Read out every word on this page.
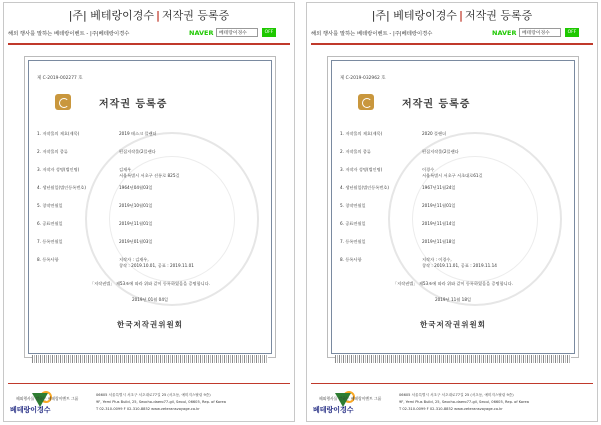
|주| 베테랑이경수 | 저작권 등록증
해외 행사를 말하는 베테랑이벤트 - |주|베테랑이경수	NAVER	베테랑이경수	OFF
제 C-2019-002277 호
저작권 등록증
1. 저작물의 제호(제목)	2019 테스크 플랜더
2. 저작물의 종류	편집저작물(2플랜다
3. 저작자 성명(법인명)	김재우
서울특별시 서초구 선릉로 825길
4. 생년월일(법인등록번호)	1964년04월03일
5. 창작연월일	2019년10월01일
6. 공표연월일	2019년11월01일
7. 등록연월일	2019년01월03일
8. 등록사항	저작자 : 김재우,
창작 : 2019.10.01, 공표 : 2019.11.01
「저작권법」 제53조에 따라 위와 같이 등록하였음을 증명합니다.
2019년 01월 04일
한국저작권위원회
해외행사를 말하는 베테랑이벤트 그룹
베테랑이경수
06605 서울특별시 서초구 서초대로77길 25 (서초동, 예미지스탈링 9층)
9F, Yemi Plus Build, 25, Seocho-daero77-gil, Seoul, 06605, Rep. of Korea
T 02-310-0099 F 02-310-8852 www.veteransvoyage.co.kr
|주| 베테랑이경수 | 저작권 등록증
해외 행사를 말하는 베테랑이벤트 - |주|베테랑이경수	NAVER	베테랑이경수	OFF
제 C-2019-032962 호
저작권 등록증
1. 저작물의 제호(제목)	2020 플랜더
2. 저작물의 종류	편집저작물(2플랜다
3. 저작자 성명(법인명)	이경수
서울특별시 서초구 서초대로61길
4. 생년월일(법인등록번호)	1967년11월24일
5. 창작연월일	2019년11월01일
6. 공표연월일	2019년11월14일
7. 등록연월일	2019년11월18일
8. 등록사항	저작자 : 이경수,
창작 : 2019.11.01, 공표 : 2019.11.14
「저작권법」 제53조에 따라 위와 같이 등록하였음을 증명합니다.
2019년 11월 18일
한국저작권위원회
해외행사를 말하는 베테랑이벤트 그룹
베테랑이경수
06605 서울특별시 서초구 서초대로77길 25 (서초동, 예미지스탈링 9층)
9F, Yemi Plus Build, 25, Seocho-daero77-gil, Seoul, 06605, Rep. of Korea
T 02-310-0099 F 02-310-8852 www.veteransvoyage.co.kr
